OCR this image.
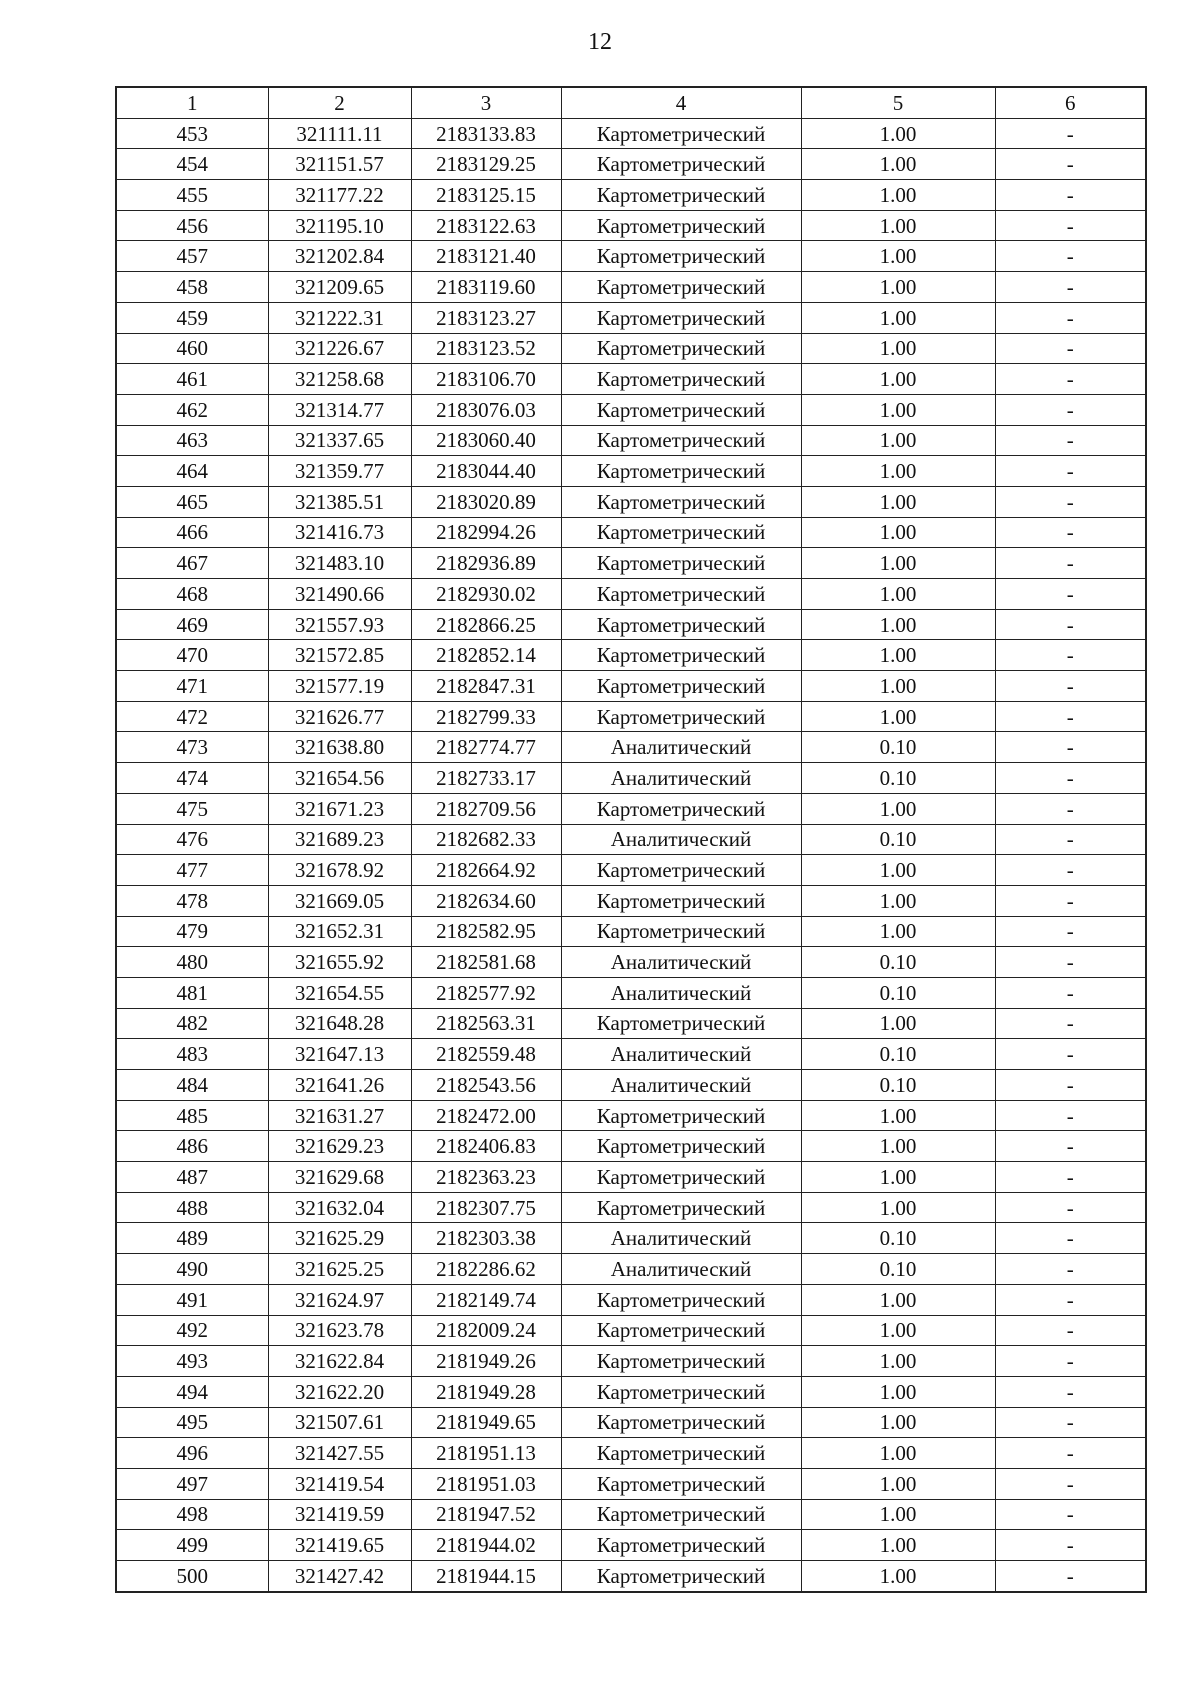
12
1	2	3	4	5	6
453	321111.11	2183133.83	Картометрический	1.00	-
454	321151.57	2183129.25	Картометрический	1.00	-
455	321177.22	2183125.15	Картометрический	1.00	-
456	321195.10	2183122.63	Картометрический	1.00	-
457	321202.84	2183121.40	Картометрический	1.00	-
458	321209.65	2183119.60	Картометрический	1.00	-
459	321222.31	2183123.27	Картометрический	1.00	-
460	321226.67	2183123.52	Картометрический	1.00	-
461	321258.68	2183106.70	Картометрический	1.00	-
462	321314.77	2183076.03	Картометрический	1.00	-
463	321337.65	2183060.40	Картометрический	1.00	-
464	321359.77	2183044.40	Картометрический	1.00	-
465	321385.51	2183020.89	Картометрический	1.00	-
466	321416.73	2182994.26	Картометрический	1.00	-
467	321483.10	2182936.89	Картометрический	1.00	-
468	321490.66	2182930.02	Картометрический	1.00	-
469	321557.93	2182866.25	Картометрический	1.00	-
470	321572.85	2182852.14	Картометрический	1.00	-
471	321577.19	2182847.31	Картометрический	1.00	-
472	321626.77	2182799.33	Картометрический	1.00	-
473	321638.80	2182774.77	Аналитический	0.10	-
474	321654.56	2182733.17	Аналитический	0.10	-
475	321671.23	2182709.56	Картометрический	1.00	-
476	321689.23	2182682.33	Аналитический	0.10	-
477	321678.92	2182664.92	Картометрический	1.00	-
478	321669.05	2182634.60	Картометрический	1.00	-
479	321652.31	2182582.95	Картометрический	1.00	-
480	321655.92	2182581.68	Аналитический	0.10	-
481	321654.55	2182577.92	Аналитический	0.10	-
482	321648.28	2182563.31	Картометрический	1.00	-
483	321647.13	2182559.48	Аналитический	0.10	-
484	321641.26	2182543.56	Аналитический	0.10	-
485	321631.27	2182472.00	Картометрический	1.00	-
486	321629.23	2182406.83	Картометрический	1.00	-
487	321629.68	2182363.23	Картометрический	1.00	-
488	321632.04	2182307.75	Картометрический	1.00	-
489	321625.29	2182303.38	Аналитический	0.10	-
490	321625.25	2182286.62	Аналитический	0.10	-
491	321624.97	2182149.74	Картометрический	1.00	-
492	321623.78	2182009.24	Картометрический	1.00	-
493	321622.84	2181949.26	Картометрический	1.00	-
494	321622.20	2181949.28	Картометрический	1.00	-
495	321507.61	2181949.65	Картометрический	1.00	-
496	321427.55	2181951.13	Картометрический	1.00	-
497	321419.54	2181951.03	Картометрический	1.00	-
498	321419.59	2181947.52	Картометрический	1.00	-
499	321419.65	2181944.02	Картометрический	1.00	-
500	321427.42	2181944.15	Картометрический	1.00	-
